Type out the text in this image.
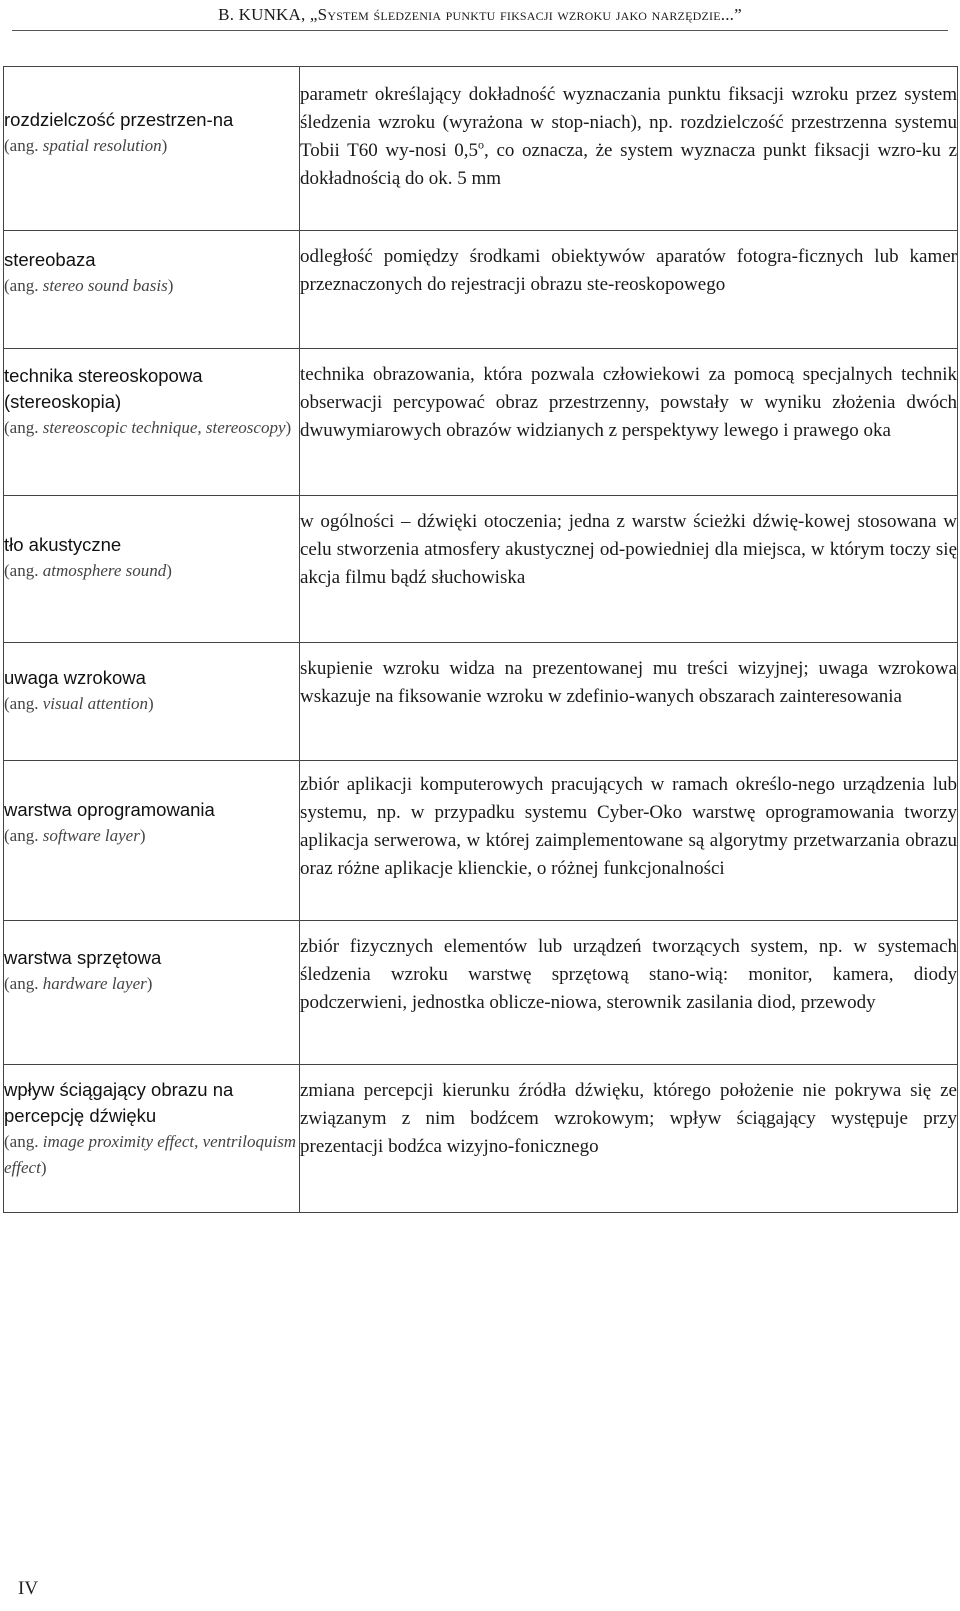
B. KUNKA, „System śledzenia punktu fiksacji wzroku jako narzędzie...”
rozdzielczość przestrzen-na
(ang. spatial resolution)	parametr określający dokładność wyznaczania punktu fiksacji wzroku przez system śledzenia wzroku (wyrażona w stop-niach), np. rozdzielczość przestrzenna systemu Tobii T60 wy-nosi 0,5$^o$, co oznacza, że system wyznacza punkt fiksacji wzro-ku z dokładnością do ok. 5 mm

stereobaza
(ang. stereo sound basis)	odległość pomiędzy środkami obiektywów aparatów fotogra-ficznych lub kamer przeznaczonych do rejestracji obrazu ste-reoskopowego

technika stereoskopowa (stereoskopia)
(ang. stereoscopic technique, stereoscopy)	technika obrazowania, która pozwala człowiekowi za pomocą specjalnych technik obserwacji percypować obraz przestrzenny, powstały w wyniku złożenia dwóch dwuwymiarowych obrazów widzianych z perspektywy lewego i prawego oka

tło akustyczne
(ang. atmosphere sound)	w ogólności – dźwięki otoczenia; jedna z warstw ścieżki dźwię-kowej stosowana w celu stworzenia atmosfery akustycznej od-powiedniej dla miejsca, w którym toczy się akcja filmu bądź słuchowiska

uwaga wzrokowa
(ang. visual attention)	skupienie wzroku widza na prezentowanej mu treści wizyjnej; uwaga wzrokowa wskazuje na fiksowanie wzroku w zdefinio-wanych obszarach zainteresowania

warstwa oprogramowania
(ang. software layer)	zbiór aplikacji komputerowych pracujących w ramach określo-nego urządzenia lub systemu, np. w przypadku systemu Cyber-Oko warstwę oprogramowania tworzy aplikacja serwerowa, w której zaimplementowane są algorytmy przetwarzania obrazu oraz różne aplikacje klienckie, o różnej funkcjonalności

warstwa sprzętowa
(ang. hardware layer)	zbiór fizycznych elementów lub urządzeń tworzących system, np. w systemach śledzenia wzroku warstwę sprzętową stano-wią: monitor, kamera, diody podczerwieni, jednostka oblicze-niowa, sterownik zasilania diod, przewody

wpływ ściągający obrazu na percepcję dźwięku
(ang. image proximity effect, ventriloquism effect)	zmiana percepcji kierunku źródła dźwięku, którego położenie nie pokrywa się ze związanym z nim bodźcem wzrokowym; wpływ ściągający występuje przy prezentacji bodźca wizyjno-fonicznego
IV
